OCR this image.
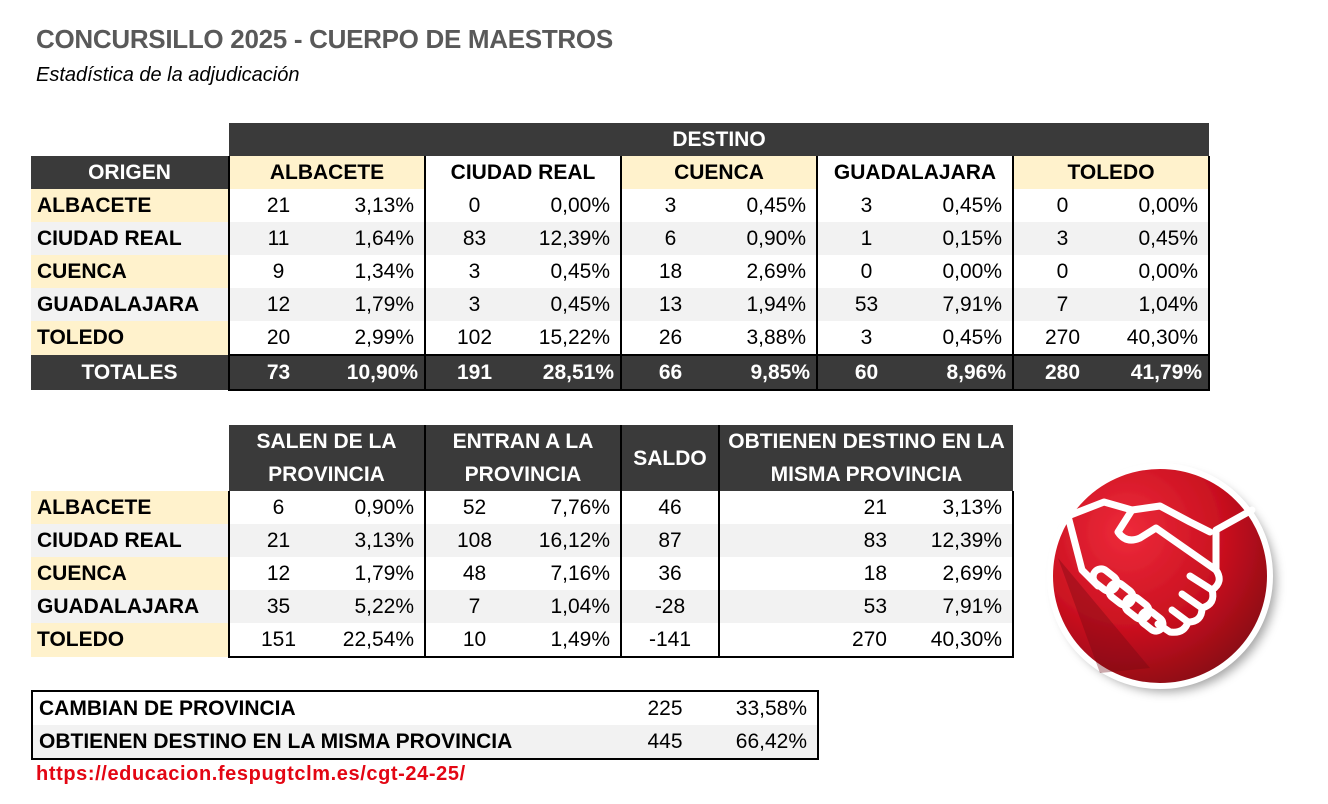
CONCURSILLO 2025 - CUERPO DE MAESTROS
Estadística de la adjudicación
	DESTINO									
ORIGEN	ALBACETE		CIUDAD REAL		CUENCA		GUADALAJARA		TOLEDO	
ALBACETE	21	3,13%	0	0,00%	3	0,45%	3	0,45%	0	0,00%
CIUDAD REAL	11	1,64%	83	12,39%	6	0,90%	1	0,15%	3	0,45%
CUENCA	9	1,34%	3	0,45%	18	2,69%	0	0,00%	0	0,00%
GUADALAJARA	12	1,79%	3	0,45%	13	1,94%	53	7,91%	7	1,04%
TOLEDO	20	2,99%	102	15,22%	26	3,88%	3	0,45%	270	40,30%
TOTALES	73	10,90%	191	28,51%	66	9,85%	60	8,96%	280	41,79%
	SALEN DE LA PROVINCIA		ENTRAN A LA PROVINCIA		SALDO	OBTIENEN DESTINO EN LA MISMA PROVINCIA	
ALBACETE	6	0,90%	52	7,76%	46	21	3,13%
CIUDAD REAL	21	3,13%	108	16,12%	87	83	12,39%
CUENCA	12	1,79%	48	7,16%	36	18	2,69%
GUADALAJARA	35	5,22%	7	1,04%	-28	53	7,91%
TOLEDO	151	22,54%	10	1,49%	-141	270	40,30%
CAMBIAN DE PROVINCIA	225	33,58%
OBTIENEN DESTINO EN LA MISMA PROVINCIA	445	66,42%
https://educacion.fespugtclm.es/cgt-24-25/
